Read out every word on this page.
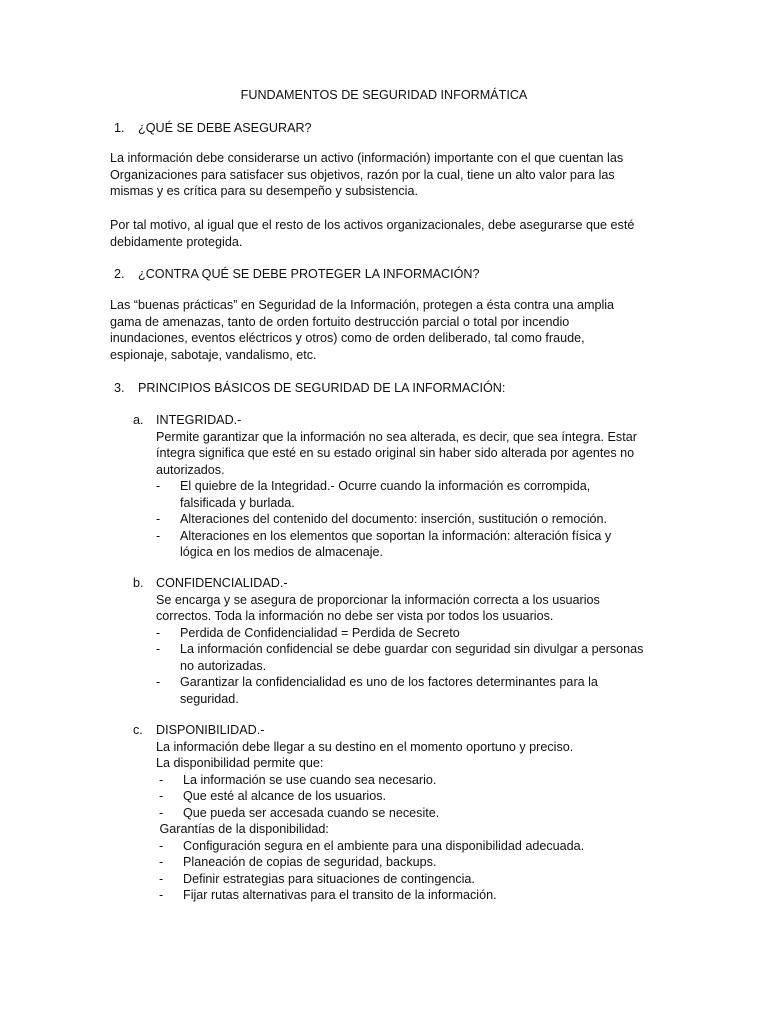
FUNDAMENTOS DE SEGURIDAD INFORMÁTICA
1. ¿QUÉ SE DEBE ASEGURAR?
La información debe considerarse un activo (información) importante con el que cuentan las
Organizaciones para satisfacer sus objetivos, razón por la cual, tiene un alto valor para las
mismas y es crítica para su desempeño y subsistencia.
Por tal motivo, al igual que el resto de los activos organizacionales, debe asegurarse que esté
debidamente protegida.
2. ¿CONTRA QUÉ SE DEBE PROTEGER LA INFORMACIÓN?
Las “buenas prácticas” en Seguridad de la Información, protegen a ésta contra una amplia
gama de amenazas, tanto de orden fortuito destrucción parcial o total por incendio
inundaciones, eventos eléctricos y otros) como de orden deliberado, tal como fraude,
espionaje, sabotaje, vandalismo, etc.
3. PRINCIPIOS BÁSICOS DE SEGURIDAD DE LA INFORMACIÓN:
a. INTEGRIDAD.-
Permite garantizar que la información no sea alterada, es decir, que sea íntegra. Estar
íntegra significa que esté en su estado original sin haber sido alterada por agentes no
autorizados.
- El quiebre de la Integridad.- Ocurre cuando la información es corrompida,
falsificada y burlada.
- Alteraciones del contenido del documento: inserción, sustitución o remoción.
- Alteraciones en los elementos que soportan la información: alteración física y
lógica en los medios de almacenaje.
b. CONFIDENCIALIDAD.-
Se encarga y se asegura de proporcionar la información correcta a los usuarios
correctos. Toda la información no debe ser vista por todos los usuarios.
- Perdida de Confidencialidad = Perdida de Secreto
- La información confidencial se debe guardar con seguridad sin divulgar a personas
no autorizadas.
- Garantizar la confidencialidad es uno de los factores determinantes para la
seguridad.
c. DISPONIBILIDAD.-
La información debe llegar a su destino en el momento oportuno y preciso.
La disponibilidad permite que:
- La información se use cuando sea necesario.
- Que esté al alcance de los usuarios.
- Que pueda ser accesada cuando se necesite.
Garantías de la disponibilidad:
- Configuración segura en el ambiente para una disponibilidad adecuada.
- Planeación de copias de seguridad, backups.
- Definir estrategias para situaciones de contingencia.
- Fijar rutas alternativas para el transito de la información.
